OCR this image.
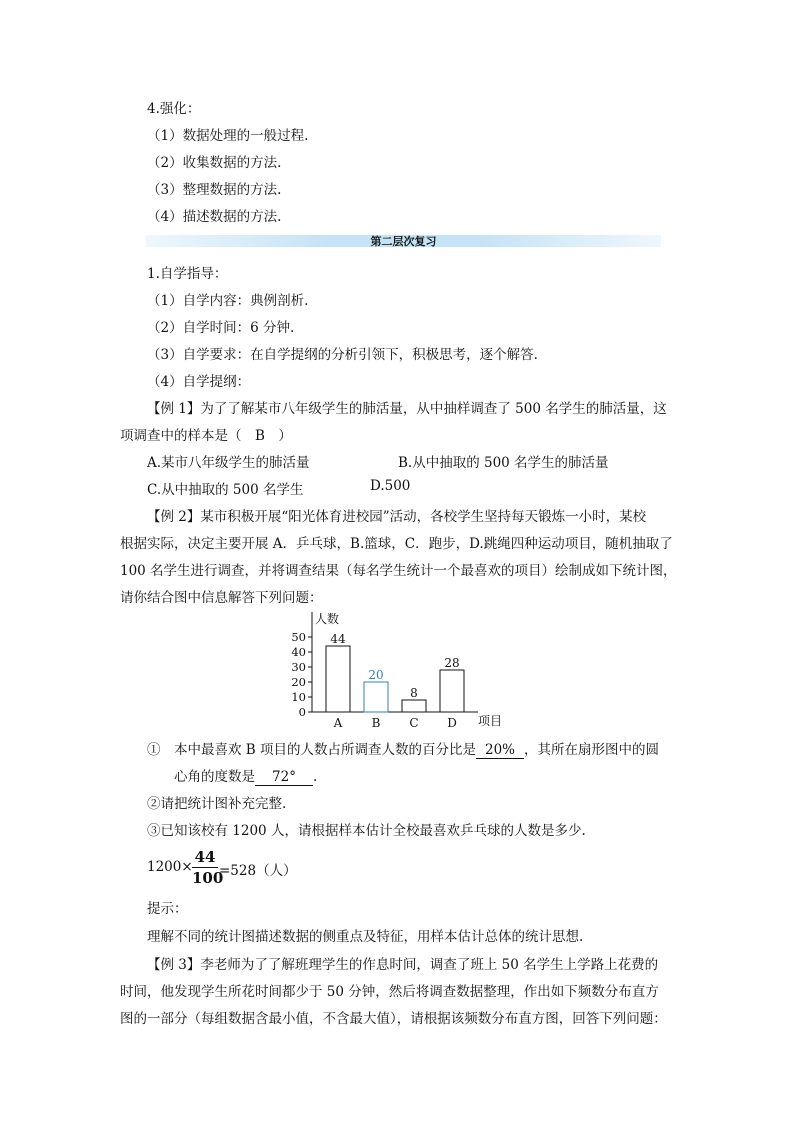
4.强化：
（1）数据处理的一般过程.
（2）收集数据的方法.
（3）整理数据的方法.
（4）描述数据的方法.
第二层次复习
1.自学指导：
（1）自学内容：典例剖析.
（2）自学时间：6 分钟.
（3）自学要求：在自学提纲的分析引领下，积极思考，逐个解答.
（4）自学提纲：
【例 1】为了了解某市八年级学生的肺活量，从中抽样调查了 500 名学生的肺活量，这
项调查中的样本是（　B　）
A.某市八年级学生的肺活量	B.从中抽取的 500 名学生的肺活量
C.从中抽取的 500 名学生	D.500
【例 2】某市积极开展“阳光体育进校园”活动，各校学生坚持每天锻炼一小时，某校
根据实际，决定主要开展 A．乒乓球，B.篮球，C．跑步，D.跳绳四种运动项目，随机抽取了
100 名学生进行调查，并将调查结果（每名学生统计一个最喜欢的项目）绘制成如下统计图，
请你结合图中信息解答下列问题：
人数
项目
0
10
20
30
40
50 44
A
20
B
8
C
28
D
①　本中最喜欢 B 项目的人数占所调查人数的百分比是 20% ，其所在扇形图中的圆
心角的度数是 72° .
②请把统计图补充完整.
③已知该校有 1200 人，请根据样本估计全校最喜欢乒乓球的人数是多少.
1200×
44
100
=528（人）
提示：
理解不同的统计图描述数据的侧重点及特征，用样本估计总体的统计思想.
【例 3】李老师为了了解班理学生的作息时间，调查了班上 50 名学生上学路上花费的
时间，他发现学生所花时间都少于 50 分钟，然后将调查数据整理，作出如下频数分布直方
图的一部分（每组数据含最小值，不含最大值），请根据该频数分布直方图，回答下列问题：
